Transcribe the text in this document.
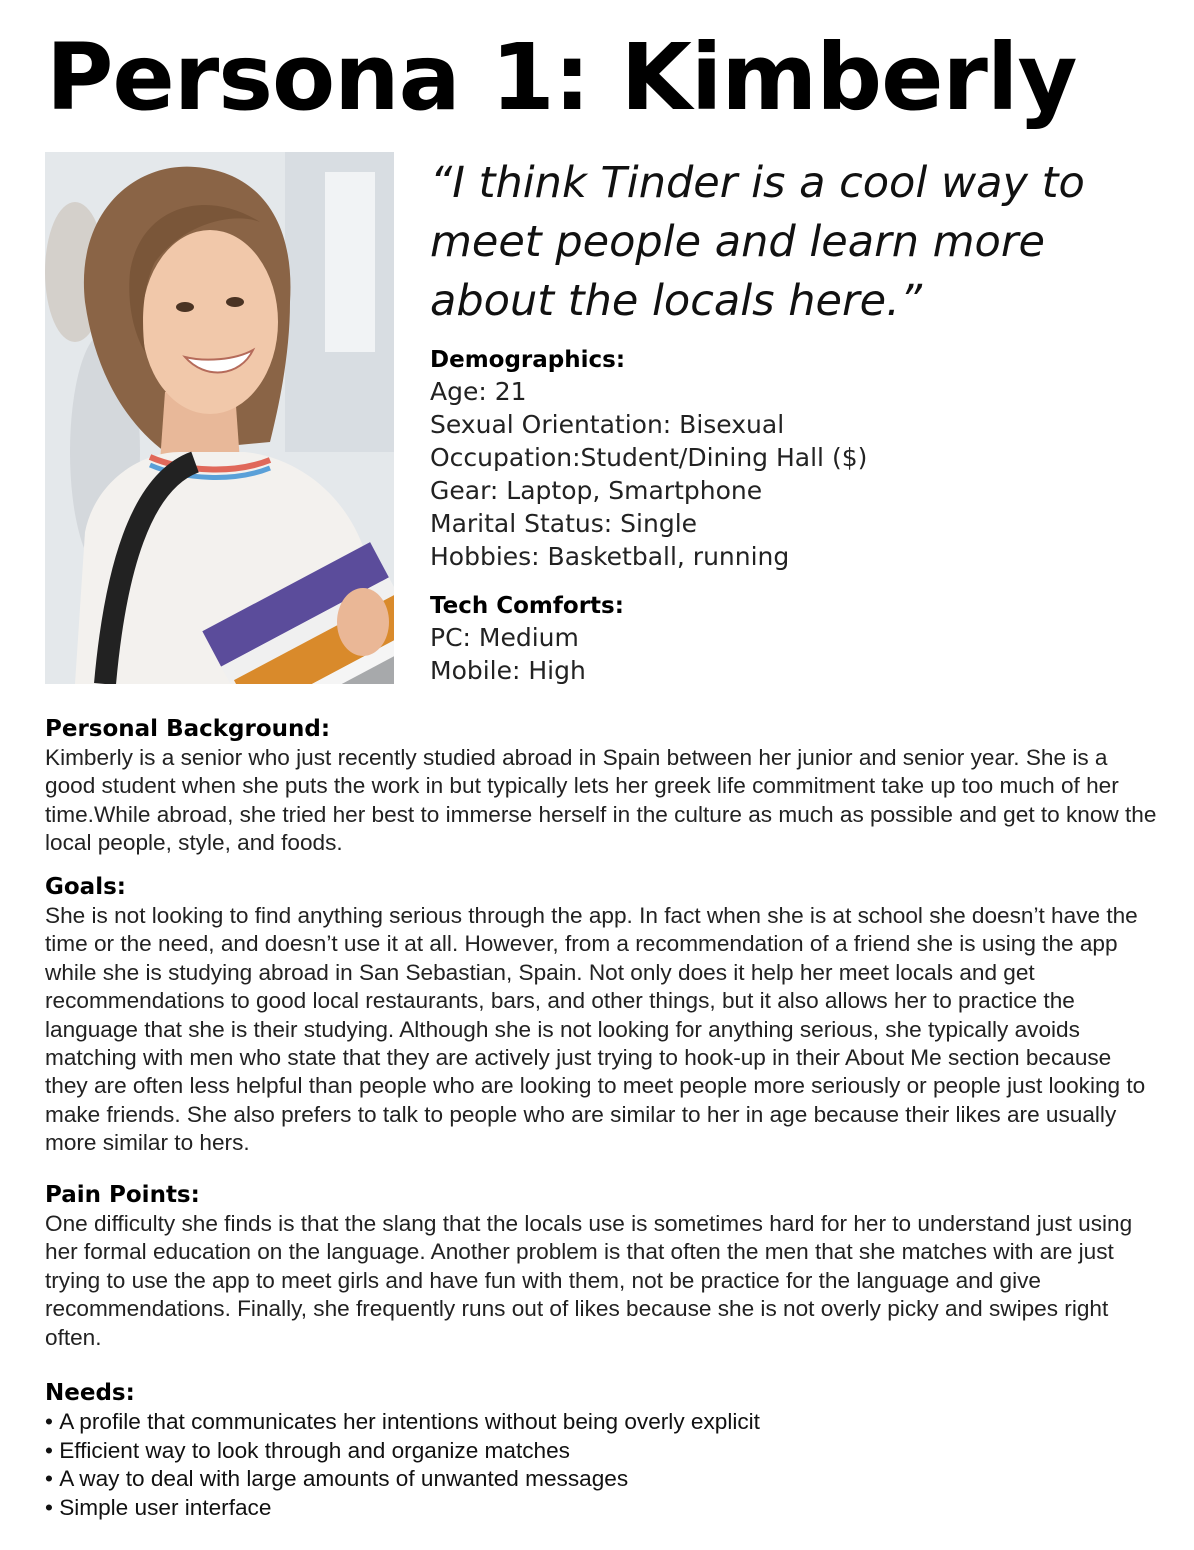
Persona 1: Kimberly

“I think Tinder is a cool way to meet people and learn more about the locals here.”

Demographics:

Age: 21

Sexual Orientation: Bisexual

Occupation:Student/Dining Hall ($)

Gear: Laptop, Smartphone

Marital Status: Single

Hobbies: Basketball, running

Tech Comforts:

PC: Medium

Mobile: High

Personal Background:

Kimberly is a senior who just recently studied abroad in Spain between her junior and senior year. She is a good student when she puts the work in but typically lets her greek life commitment take up too much of her time.While abroad, she tried her best to immerse herself in the culture as much as possible and get to know the local people, style, and foods.

Goals:

She is not looking to find anything serious through the app. In fact when she is at school she doesn’t have the time or the need, and doesn’t use it at all. However, from a recommendation of a friend she is using the app while she is studying abroad in San Sebastian, Spain. Not only does it help her meet locals and get recommendations to good local restaurants, bars, and other things, but it also allows her to practice the language that she is their studying. Although she is not looking for anything serious, she typically avoids matching with men who state that they are actively just trying to hook-up in their About Me section because they are often less helpful than people who are looking to meet people more seriously or people just looking to make friends. She also prefers to talk to people who are similar to her in age because their likes are usually more similar to hers.

Pain Points:

One difficulty she finds is that the slang that the locals use is sometimes hard for her to understand just using her formal education on the language. Another problem is that often the men that she matches with are just trying to use the app to meet girls and have fun with them, not be practice for the language and give recommendations. Finally, she frequently runs out of likes because she is not overly picky and swipes right often.

Needs:

• A profile that communicates her intentions without being overly explicit
• Efficient way to look through and organize matches
• A way to deal with large amounts of unwanted messages
• Simple user interface
